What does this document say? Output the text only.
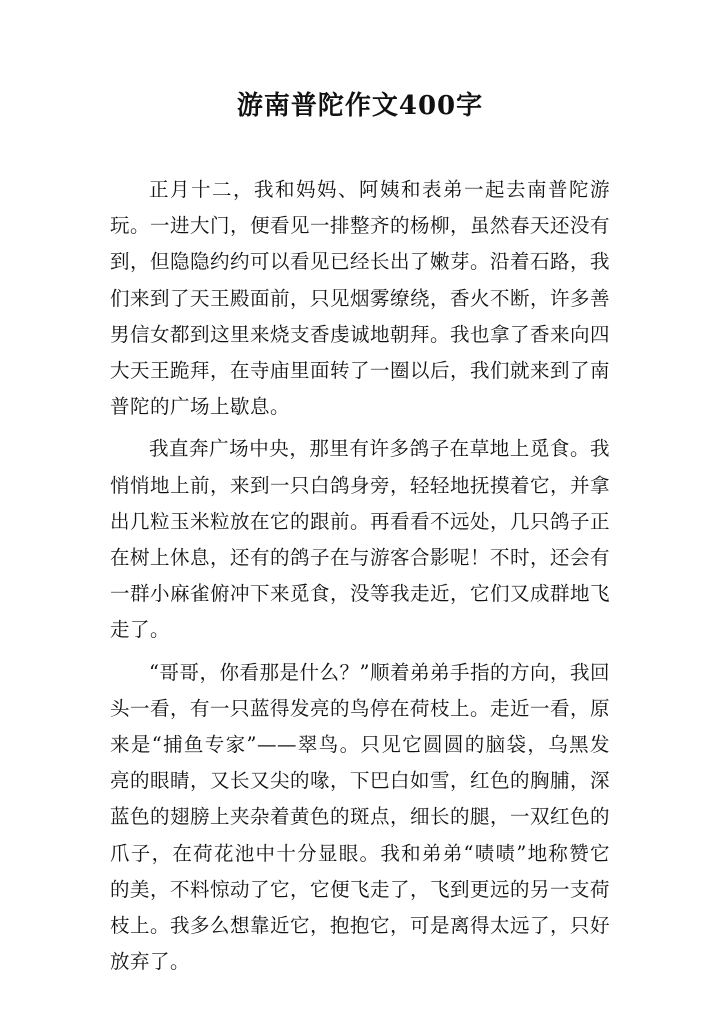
游南普陀作文400字

正月十二，我和妈妈、阿姨和表弟一起去南普陀游玩。一进大门，便看见一排整齐的杨柳，虽然春天还没有到，但隐隐约约可以看见已经长出了嫩芽。沿着石路，我们来到了天王殿面前，只见烟雾缭绕，香火不断，许多善男信女都到这里来烧支香虔诚地朝拜。我也拿了香来向四大天王跪拜，在寺庙里面转了一圈以后，我们就来到了南普陀的广场上歇息。

我直奔广场中央，那里有许多鸽子在草地上觅食。我悄悄地上前，来到一只白鸽身旁，轻轻地抚摸着它，并拿出几粒玉米粒放在它的跟前。再看看不远处，几只鸽子正在树上休息，还有的鸽子在与游客合影呢！不时，还会有一群小麻雀俯冲下来觅食，没等我走近，它们又成群地飞走了。

“哥哥，你看那是什么？”顺着弟弟手指的方向，我回头一看，有一只蓝得发亮的鸟停在荷枝上。走近一看，原来是“捕鱼专家”——翠鸟。只见它圆圆的脑袋，乌黑发亮的眼睛，又长又尖的喙，下巴白如雪，红色的胸脯，深蓝色的翅膀上夹杂着黄色的斑点，细长的腿，一双红色的爪子，在荷花池中十分显眼。我和弟弟“啧啧”地称赞它的美，不料惊动了它，它便飞走了，飞到更远的另一支荷枝上。我多么想靠近它，抱抱它，可是离得太远了，只好放弃了。
